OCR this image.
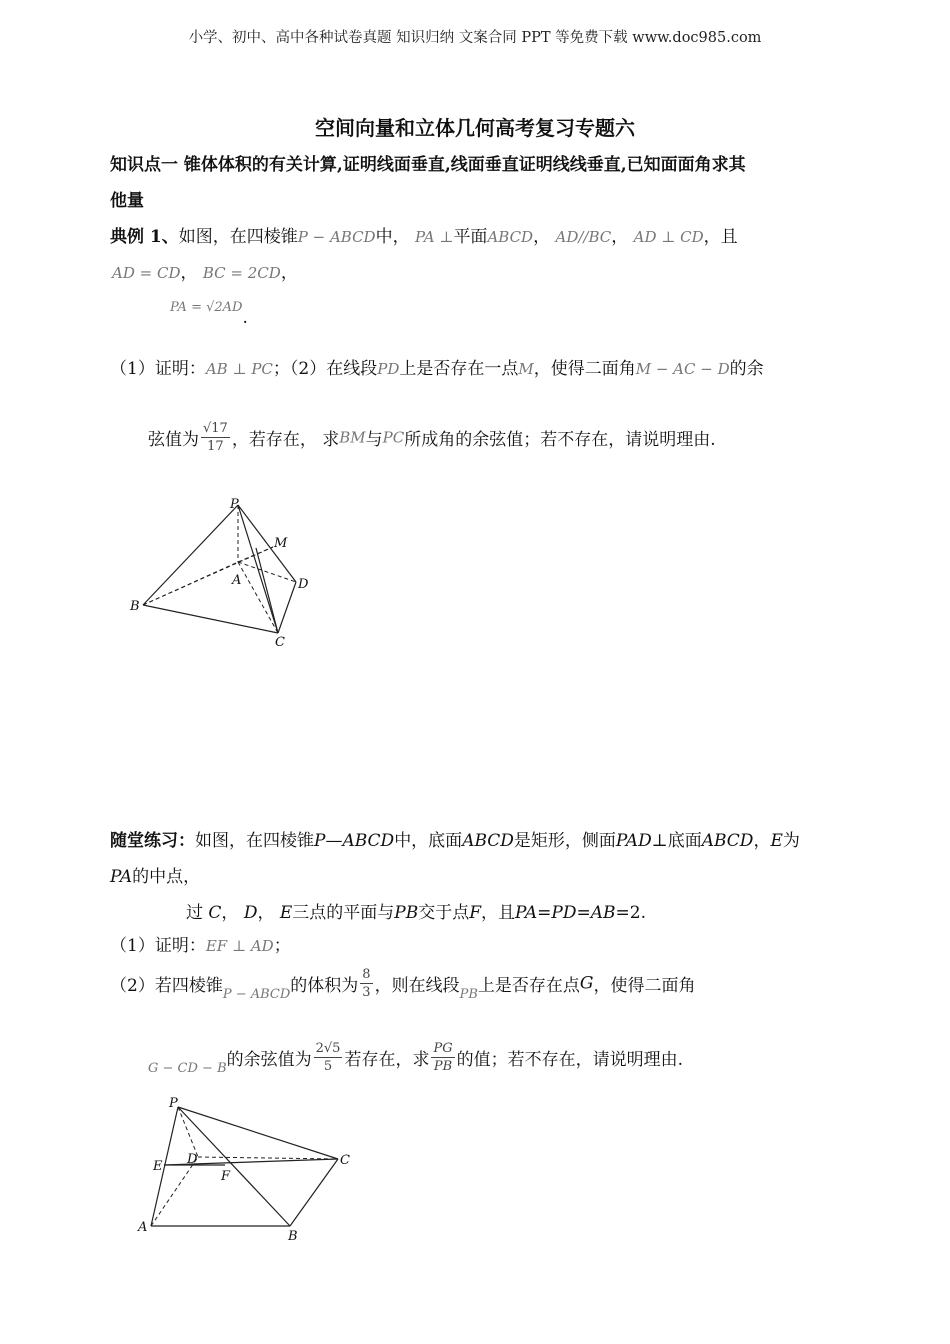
小学、初中、高中各种试卷真题 知识归纳 文案合同 PPT 等免费下载 www.doc985.com
空间向量和立体几何高考复习专题六
知识点一 锥体体积的有关计算,证明线面垂直,线面垂直证明线线垂直,已知面面角求其
他量
典例 1、如图，在四棱锥P − ABCD中， PA ⊥平面ABCD， AD//BC， AD ⊥ CD，且
AD = CD， BC = 2CD，
PA = √2AD.
（1）证明：AB ⊥ PC；（2）在线段PD上是否存在一点M，使得二面角M − AC − D的余
弦值为 $\frac{√17}{17}$ ，若存在， 求BM与PC所成角的余弦值；若不存在，请说明理由.
P
M
A	D
B
C
随堂练习：如图，在四棱锥P—ABCD中，底面ABCD是矩形，侧面PAD⊥底面ABCD，E为
PA的中点，
过 C， D， E三点的平面与PB交于点F，且PA=PD=AB=2.
（1）证明：EF ⊥ AD；
（2）若四棱锥$_{P - ABCD}$的体积为 $\frac{8}{3}$ ，则在线段$_{PB}$上是否存在点G，使得二面角
$_{G - CD - B}$的余弦值为 $\frac{2√5}{5}$ 若存在，求 $\frac{PG}{PB}$ 的值；若不存在，请说明理由.
P
E D
F
C
A
B
